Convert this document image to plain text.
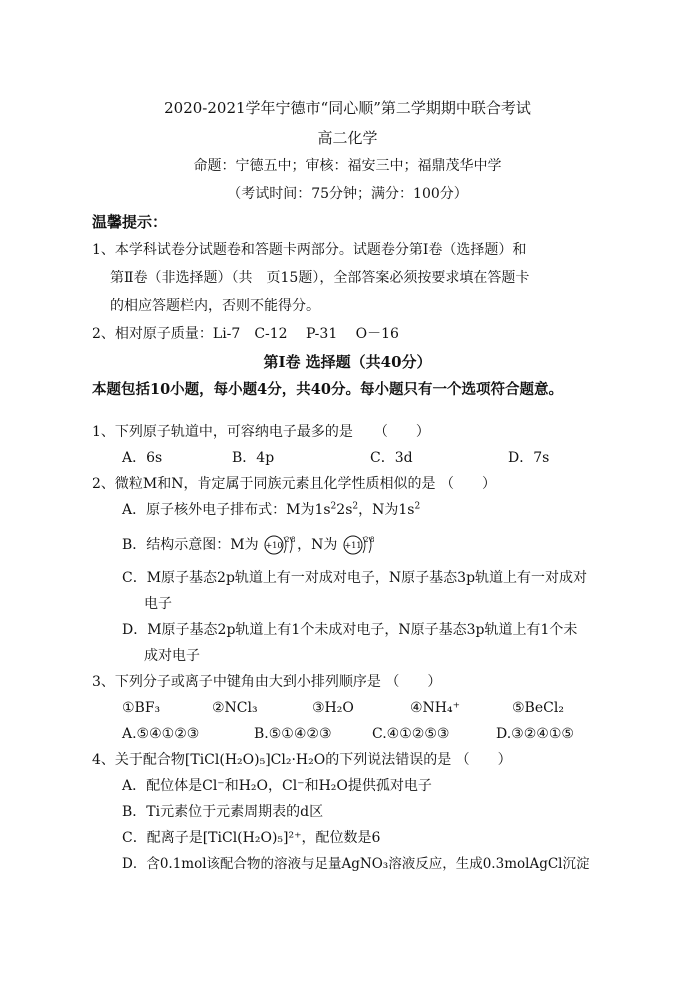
2020-2021学年宁德市“同心顺”第二学期期中联合考试
高二化学
命题：宁德五中；审核：福安三中；福鼎茂华中学
（考试时间：75分钟；满分：100分）
温馨提示：
1、本学科试卷分试题卷和答题卡两部分。试题卷分第Ⅰ卷（选择题）和
第Ⅱ卷（非选择题）（共　页15题），全部答案必须按要求填在答题卡
的相应答题栏内，否则不能得分。
2、相对原子质量：Li-7　C-12　 P-31　 O－16
第Ⅰ卷 选择题（共40分）
本题包括10小题，每小题4分，共40分。每小题只有一个选项符合题意。
1、下列原子轨道中，可容纳电子最多的是　　（　　）
A．6s	B．4p	C．3d	D．7s
2、微粒M和N，肯定属于同族元素且化学性质相似的是 （　　）
A．原子核外电子排布式：M为$1s^22s^2$，N为$1s^2$
B．结构示意图：M为 +10
2 8 ，N为 +11
2 8
C．M原子基态2p轨道上有一对成对电子，N原子基态3p轨道上有一对成对
电子
D．M原子基态2p轨道上有1个未成对电子，N原子基态3p轨道上有1个未
成对电子
3、下列分子或离子中键角由大到小排列顺序是 （　　）
①BF₃	②NCl₃	③H₂O	④NH₄⁺	⑤BeCl₂
A.⑤④①②③	B.⑤①④②③	C.④①②⑤③	D.③②④①⑤
4、关于配合物[TiCl(H₂O)₅]Cl₂·H₂O的下列说法错误的是 （　　）
A．配位体是Cl⁻和H₂O，Cl⁻和H₂O提供孤对电子
B．Ti元素位于元素周期表的d区
C．配离子是[TiCl(H₂O)₅]²⁺，配位数是6
D．含0.1mol该配合物的溶液与足量AgNO₃溶液反应，生成0.3molAgCl沉淀
